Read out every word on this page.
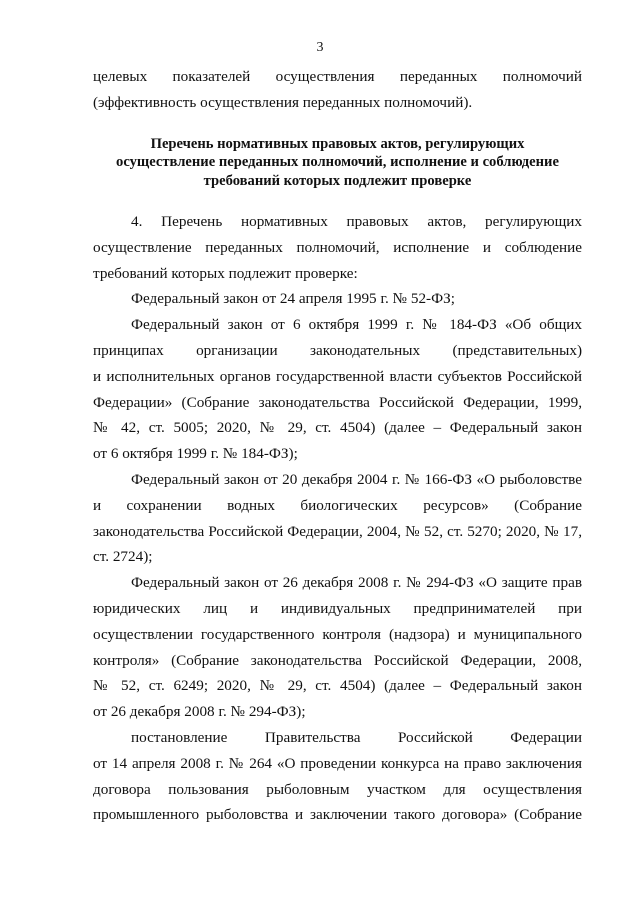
3
целевых показателей осуществления переданных полномочий
(эффективность осуществления переданных полномочий).
Перечень нормативных правовых актов, регулирующих
осуществление переданных полномочий, исполнение и соблюдение
требований которых подлежит проверке
4. Перечень нормативных правовых актов, регулирующих
осуществление переданных полномочий, исполнение и соблюдение
требований которых подлежит проверке:
Федеральный закон от 24 апреля 1995 г. № 52-ФЗ;
Федеральный закон от 6 октября 1999 г. № 184-ФЗ «Об общих
принципах организации законодательных (представительных)
и исполнительных органов государственной власти субъектов Российской
Федерации» (Собрание законодательства Российской Федерации, 1999,
№ 42, ст. 5005; 2020, № 29, ст. 4504) (далее – Федеральный закон
от 6 октября 1999 г. № 184-ФЗ);
Федеральный закон от 20 декабря 2004 г. № 166-ФЗ «О рыболовстве
и сохранении водных биологических ресурсов» (Собрание
законодательства Российской Федерации, 2004, № 52, ст. 5270; 2020, № 17,
ст. 2724);
Федеральный закон от 26 декабря 2008 г. № 294-ФЗ «О защите прав
юридических лиц и индивидуальных предпринимателей при
осуществлении государственного контроля (надзора) и муниципального
контроля» (Собрание законодательства Российской Федерации, 2008,
№ 52, ст. 6249; 2020, № 29, ст. 4504) (далее – Федеральный закон
от 26 декабря 2008 г. № 294-ФЗ);
постановление Правительства Российской Федерации
от 14 апреля 2008 г. № 264 «О проведении конкурса на право заключения
договора пользования рыболовным участком для осуществления
промышленного рыболовства и заключении такого договора» (Собрание
